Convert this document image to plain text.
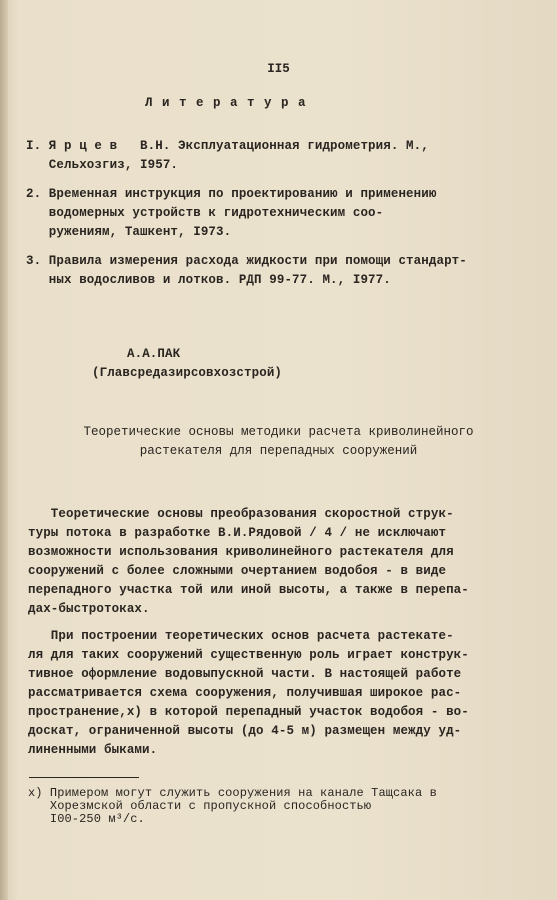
II5
Л и т е р а т у р а
I. Я р ц е в   В.Н. Эксплуатационная гидрометрия. М.,
Сельхозгиз, I957.
2. Временная инструкция по проектированию и применению
водомерных устройств к гидротехническим соо-
ружениям, Ташкент, I973.
3. Правила измерения расхода жидкости при помощи стандарт-
ных водосливов и лотков. РДП 99-77. М., I977.
А.А.ПАК
(Главсредазирсовхозстрой)
Теоретические основы методики расчета криволинейного
растекателя для перепадных сооружений
Теоретические основы преобразования скоростной струк-
туры потока в разработке В.И.Рядовой / 4 / не исключают
возможности использования криволинейного растекателя для
сооружений с более сложными очертанием водобоя - в виде
перепадного участка той или иной высоты, а также в перепа-
дах-быстротоках.
При построении теоретических основ расчета растекате-
ля для таких сооружений существенную роль играет конструк-
тивное оформление водовыпускной части. В настоящей работе
рассматривается схема сооружения, получившая широкое рас-
пространение,х) в которой перепадный участок водобоя - во-
доскат, ограниченной высоты (до 4-5 м) размещен между уд-
линенными быками.
х) Примером могут служить сооружения на канале Тащсака в
Хорезмской области с пропускной способностью
I00-250 м³/с.
